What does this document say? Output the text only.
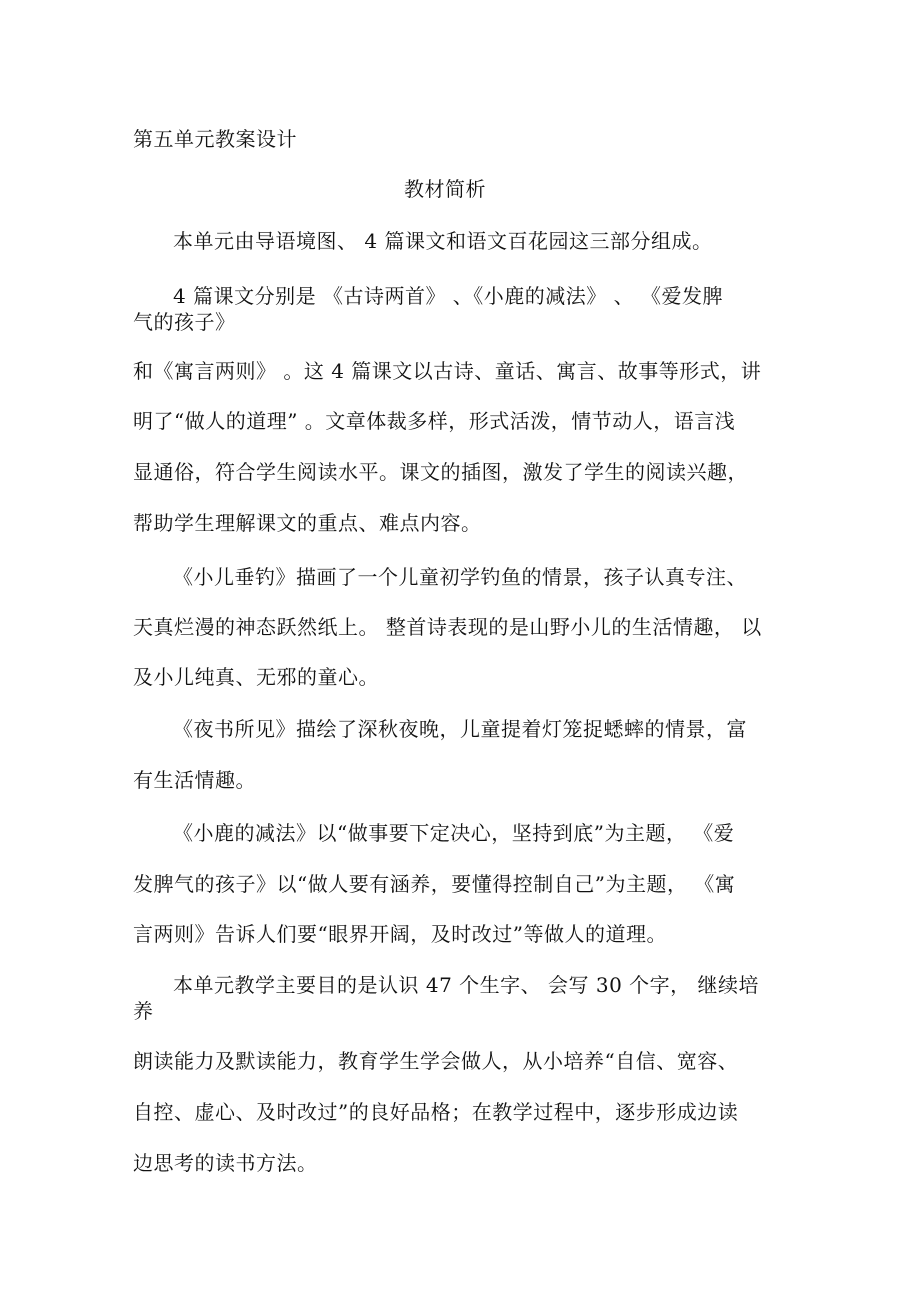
第五单元教案设计
教材简析
本单元由导语境图、 4 篇课文和语文百花园这三部分组成。
4 篇课文分别是 《古诗两首》 、《小鹿的减法》 、 《爱发脾
气的孩子》
和《寓言两则》 。这 4 篇课文以古诗、童话、寓言、故事等形式，讲
明了“做人的道理” 。文章体裁多样，形式活泼，情节动人，语言浅
显通俗，符合学生阅读水平。课文的插图，激发了学生的阅读兴趣，
帮助学生理解课文的重点、难点内容。
《小儿垂钓》描画了一个儿童初学钓鱼的情景，孩子认真专注、
天真烂漫的神态跃然纸上。 整首诗表现的是山野小儿的生活情趣， 以
及小儿纯真、无邪的童心。
《夜书所见》描绘了深秋夜晚，儿童提着灯笼捉蟋蟀的情景，富
有生活情趣。
《小鹿的减法》以“做事要下定决心，坚持到底”为主题， 《爱
发脾气的孩子》以“做人要有涵养，要懂得控制自己”为主题， 《寓
言两则》告诉人们要“眼界开阔，及时改过”等做人的道理。
本单元教学主要目的是认识 47 个生字、 会写 30 个字， 继续培
养
朗读能力及默读能力，教育学生学会做人，从小培养“自信、宽容、
自控、虚心、及时改过”的良好品格；在教学过程中，逐步形成边读
边思考的读书方法。
